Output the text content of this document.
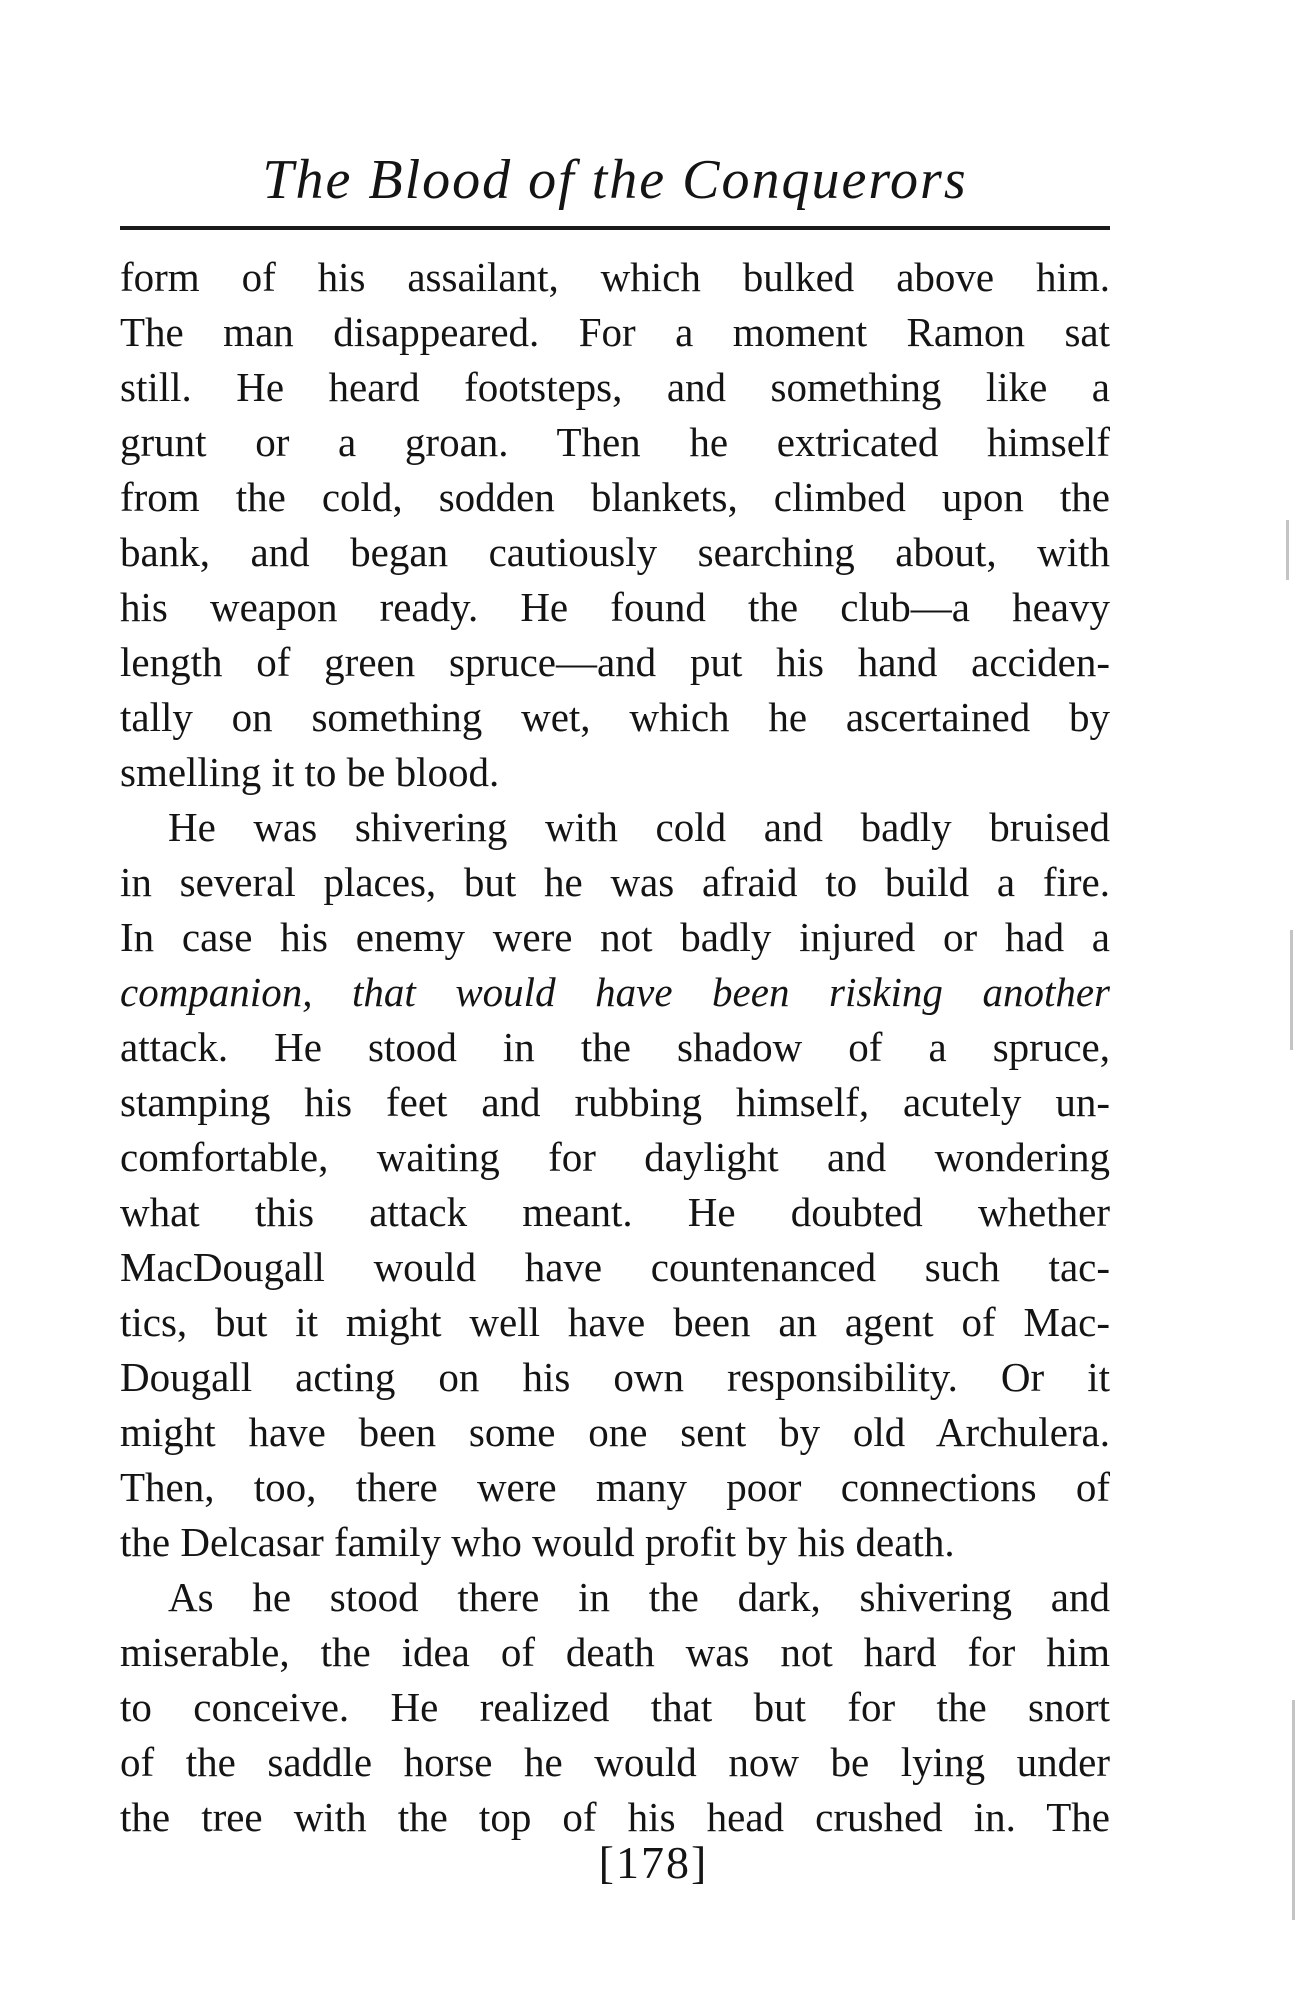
The Blood of the Conquerors
form of his assailant, which bulked above him.
The man disappeared. For a moment Ramon sat
still. He heard footsteps, and something like a
grunt or a groan. Then he extricated himself
from the cold, sodden blankets, climbed upon the
bank, and began cautiously searching about, with
his weapon ready. He found the club—a heavy
length of green spruce—and put his hand acciden-
tally on something wet, which he ascertained by
smelling it to be blood.
He was shivering with cold and badly bruised
in several places, but he was afraid to build a fire.
In case his enemy were not badly injured or had a
companion, that would have been risking another
attack. He stood in the shadow of a spruce,
stamping his feet and rubbing himself, acutely un-
comfortable, waiting for daylight and wondering
what this attack meant. He doubted whether
MacDougall would have countenanced such tac-
tics, but it might well have been an agent of Mac-
Dougall acting on his own responsibility. Or it
might have been some one sent by old Archulera.
Then, too, there were many poor connections of
the Delcasar family who would profit by his death.
As he stood there in the dark, shivering and
miserable, the idea of death was not hard for him
to conceive. He realized that but for the snort
of the saddle horse he would now be lying under
the tree with the top of his head crushed in. The
[178]
